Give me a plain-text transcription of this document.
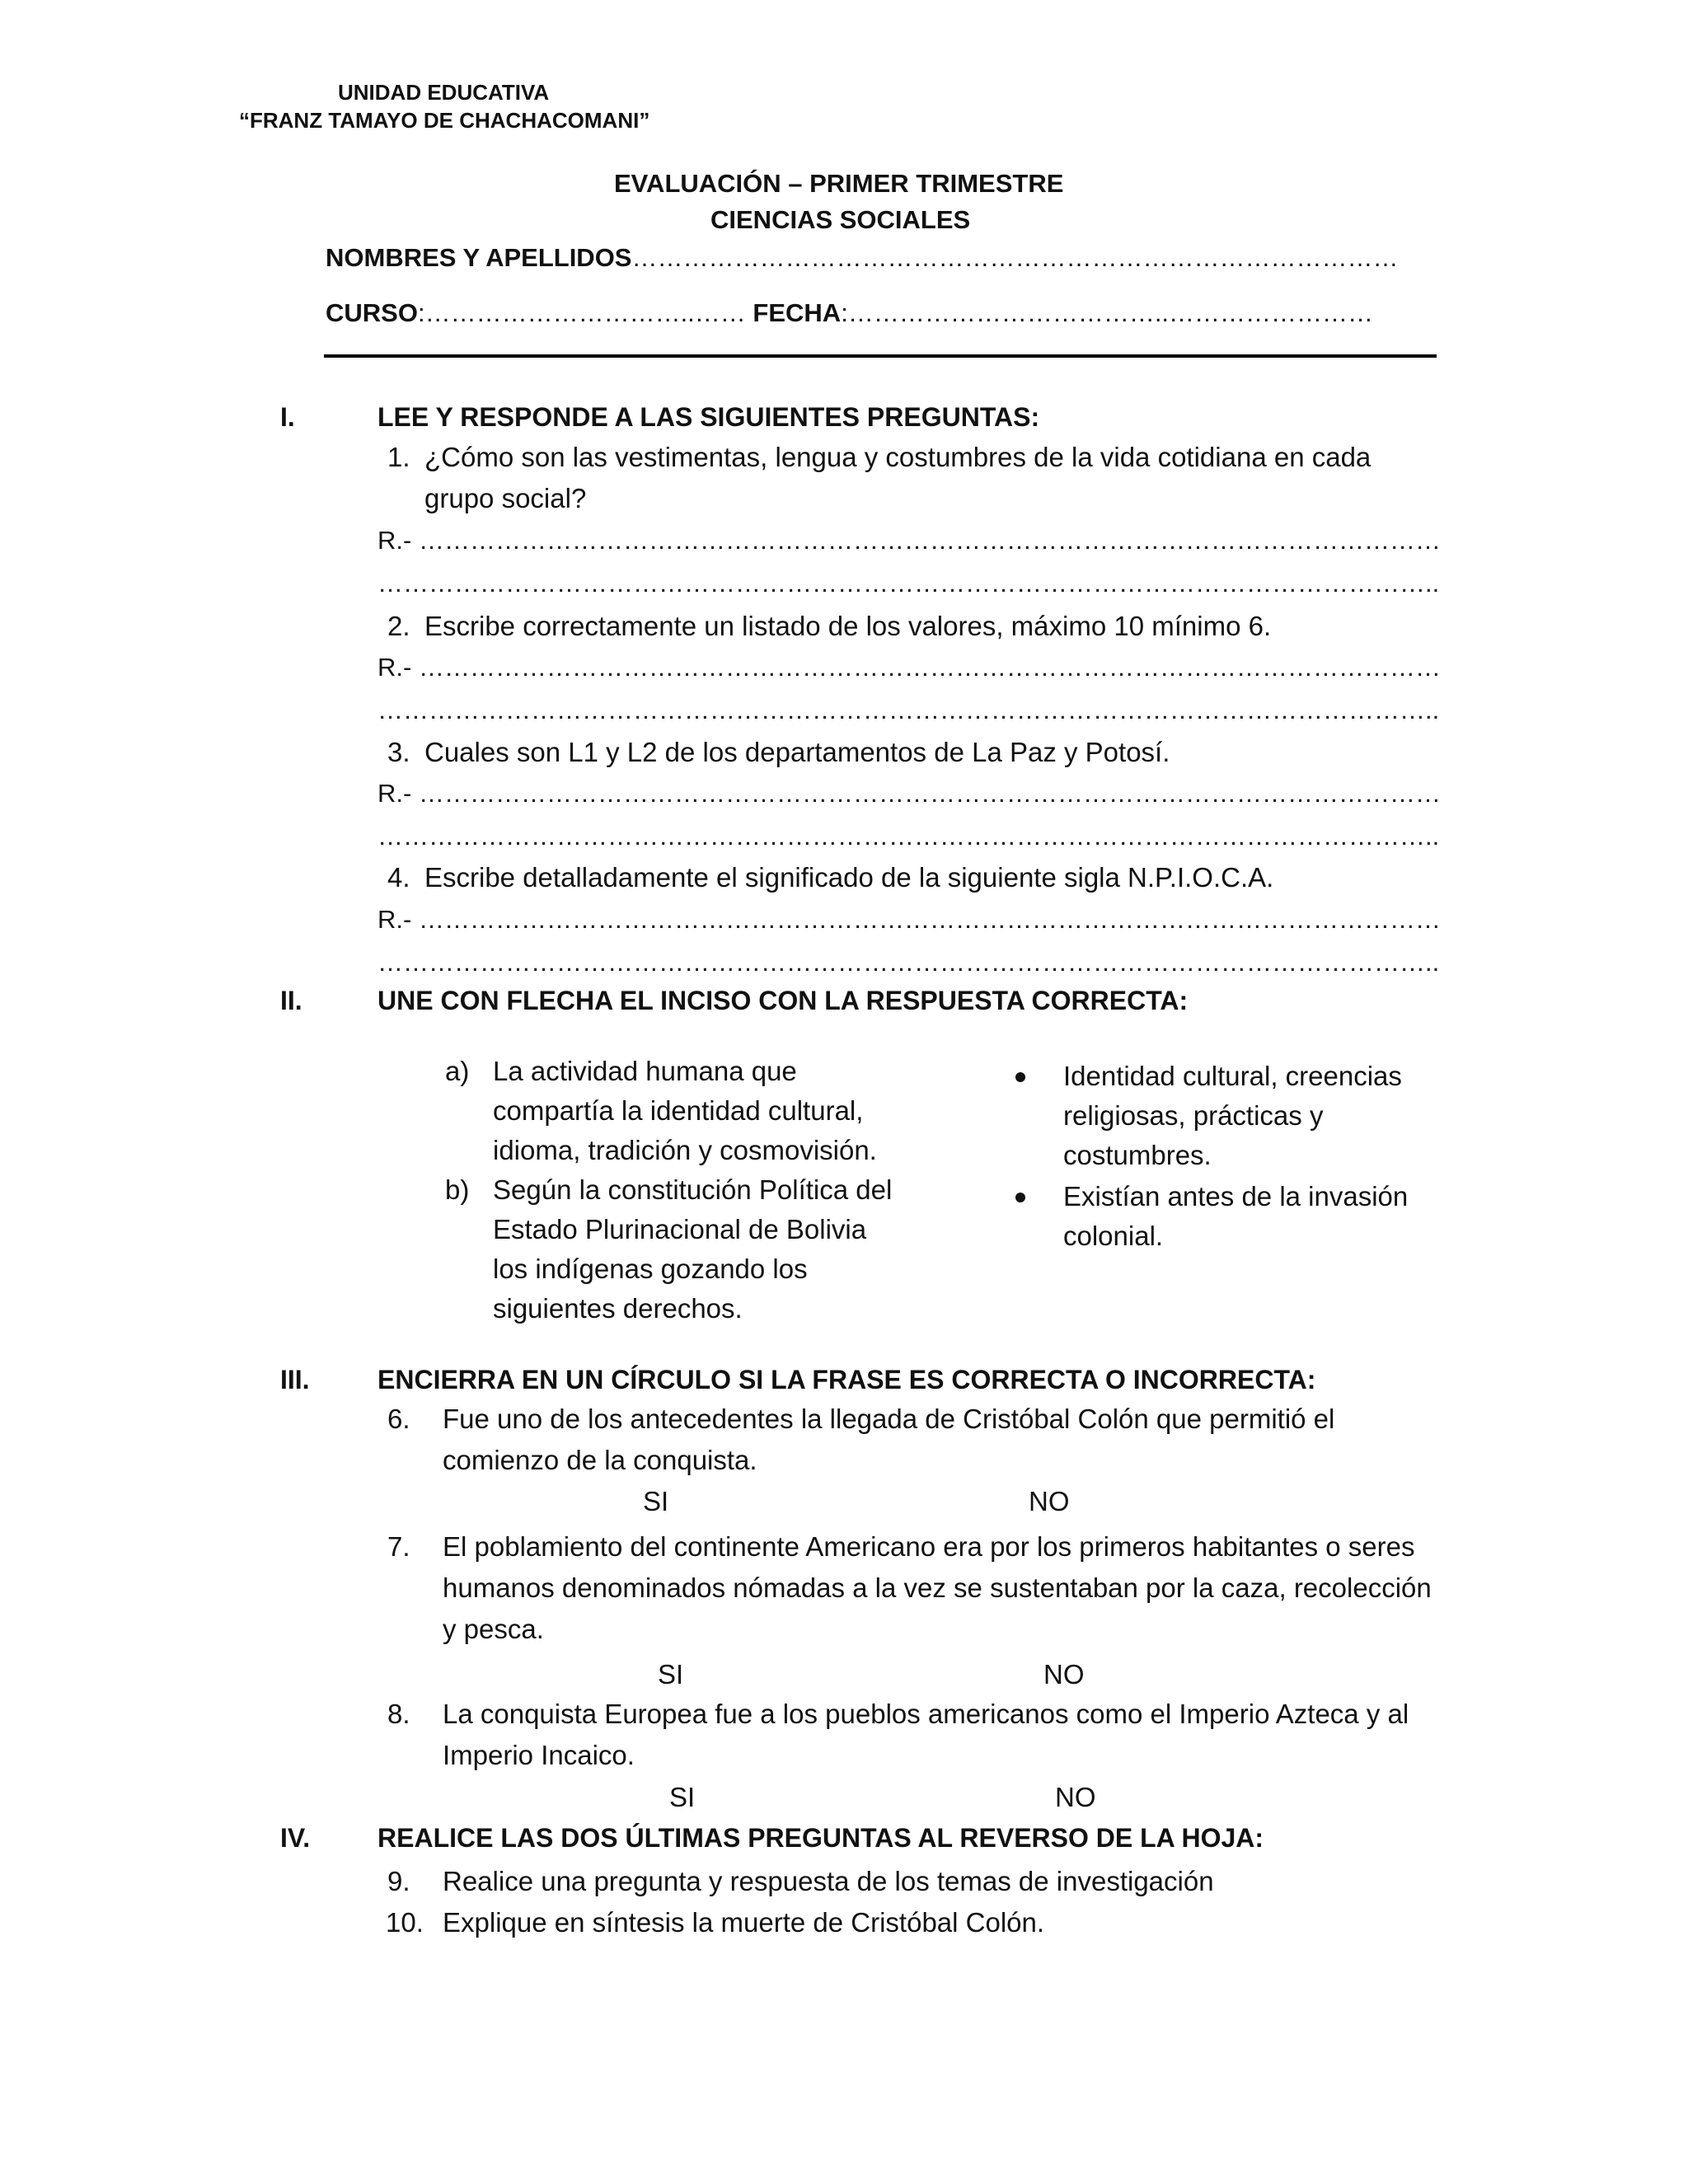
UNIDAD EDUCATIVA
“FRANZ TAMAYO DE CHACHACOMANI”
EVALUACIÓN – PRIMER TRIMESTRE
CIENCIAS SOCIALES
NOMBRES Y APELLIDOS………………………………………………………………………………
CURSO:…………………………..…… FECHA:………………………………..……………………
I.	LEE Y RESPONDE A LAS SIGUIENTES PREGUNTAS:
1. ¿Cómo son las vestimentas, lengua y costumbres de la vida cotidiana en cada
grupo social?
R.- …………………………………………………………………………………………………………
……………………………………………………………………………………………………………..
2. Escribe correctamente un listado de los valores, máximo 10 mínimo 6.
R.- …………………………………………………………………………………………………………
……………………………………………………………………………………………………………..
3. Cuales son L1 y L2 de los departamentos de La Paz y Potosí.
R.- …………………………………………………………………………………………………………
……………………………………………………………………………………………………………..
4. Escribe detalladamente el significado de la siguiente sigla N.P.I.O.C.A.
R.- …………………………………………………………………………………………………………
……………………………………………………………………………………………………………..
II.	UNE CON FLECHA EL INCISO CON LA RESPUESTA CORRECTA:
a) La actividad humana que
compartía la identidad cultural,
idioma, tradición y cosmovisión.
b) Según la constitución Política del
Estado Plurinacional de Bolivia
los indígenas gozando los
siguientes derechos.
Identidad cultural, creencias
religiosas, prácticas y
costumbres.
Existían antes de la invasión
colonial.
III.	ENCIERRA EN UN CÍRCULO SI LA FRASE ES CORRECTA O INCORRECTA:
6. Fue uno de los antecedentes la llegada de Cristóbal Colón que permitió el
comienzo de la conquista.
SI	NO
7. El poblamiento del continente Americano era por los primeros habitantes o seres
humanos denominados nómadas a la vez se sustentaban por la caza, recolección
y pesca.
SI	NO
8. La conquista Europea fue a los pueblos americanos como el Imperio Azteca y al
Imperio Incaico.
SI	NO
IV.	REALICE LAS DOS ÚLTIMAS PREGUNTAS AL REVERSO DE LA HOJA:
9. Realice una pregunta y respuesta de los temas de investigación
10. Explique en síntesis la muerte de Cristóbal Colón.
